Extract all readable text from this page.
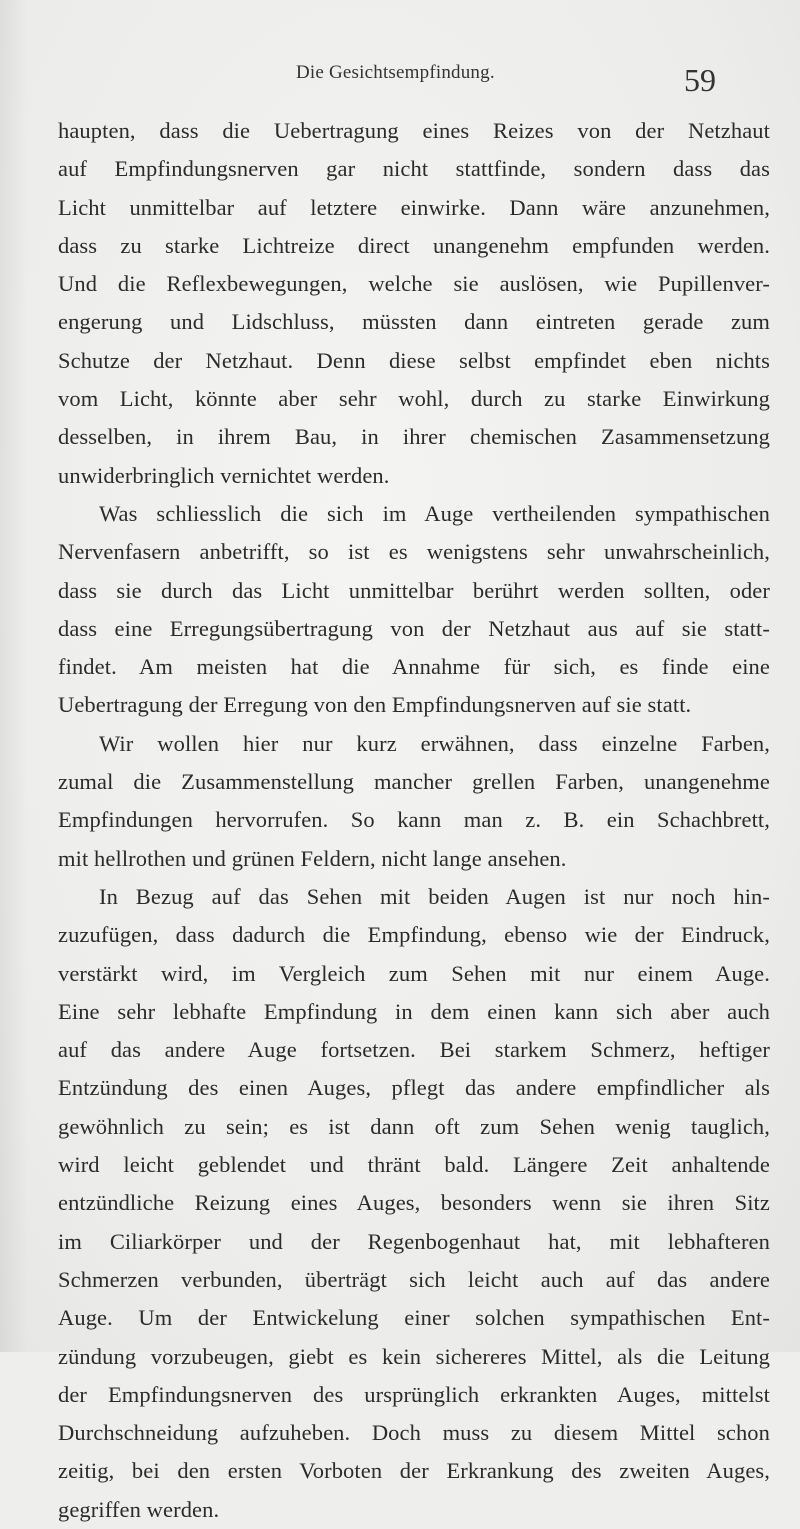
Die Gesichtsempfindung.	59
haupten, dass die Uebertragung eines Reizes von der Netzhaut
auf Empfindungsnerven gar nicht stattfinde, sondern dass das
Licht unmittelbar auf letztere einwirke. Dann wäre anzunehmen,
dass zu starke Lichtreize direct unangenehm empfunden werden.
Und die Reflexbewegungen, welche sie auslösen, wie Pupillenver-
engerung und Lidschluss, müssten dann eintreten gerade zum
Schutze der Netzhaut. Denn diese selbst empfindet eben nichts
vom Licht, könnte aber sehr wohl, durch zu starke Einwirkung
desselben, in ihrem Bau, in ihrer chemischen Zasammensetzung
unwiderbringlich vernichtet werden.
Was schliesslich die sich im Auge vertheilenden sympathischen
Nervenfasern anbetrifft, so ist es wenigstens sehr unwahrscheinlich,
dass sie durch das Licht unmittelbar berührt werden sollten, oder
dass eine Erregungsübertragung von der Netzhaut aus auf sie statt-
findet. Am meisten hat die Annahme für sich, es finde eine
Uebertragung der Erregung von den Empfindungsnerven auf sie statt.
Wir wollen hier nur kurz erwähnen, dass einzelne Farben,
zumal die Zusammenstellung mancher grellen Farben, unangenehme
Empfindungen hervorrufen. So kann man z. B. ein Schachbrett,
mit hellrothen und grünen Feldern, nicht lange ansehen.
In Bezug auf das Sehen mit beiden Augen ist nur noch hin-
zuzufügen, dass dadurch die Empfindung, ebenso wie der Eindruck,
verstärkt wird, im Vergleich zum Sehen mit nur einem Auge.
Eine sehr lebhafte Empfindung in dem einen kann sich aber auch
auf das andere Auge fortsetzen. Bei starkem Schmerz, heftiger
Entzündung des einen Auges, pflegt das andere empfindlicher als
gewöhnlich zu sein; es ist dann oft zum Sehen wenig tauglich,
wird leicht geblendet und thränt bald. Längere Zeit anhaltende
entzündliche Reizung eines Auges, besonders wenn sie ihren Sitz
im Ciliarkörper und der Regenbogenhaut hat, mit lebhafteren
Schmerzen verbunden, überträgt sich leicht auch auf das andere
Auge. Um der Entwickelung einer solchen sympathischen Ent-
zündung vorzubeugen, giebt es kein sichereres Mittel, als die Leitung
der Empfindungsnerven des ursprünglich erkrankten Auges, mittelst
Durchschneidung aufzuheben. Doch muss zu diesem Mittel schon
zeitig, bei den ersten Vorboten der Erkrankung des zweiten Auges,
gegriffen werden.
